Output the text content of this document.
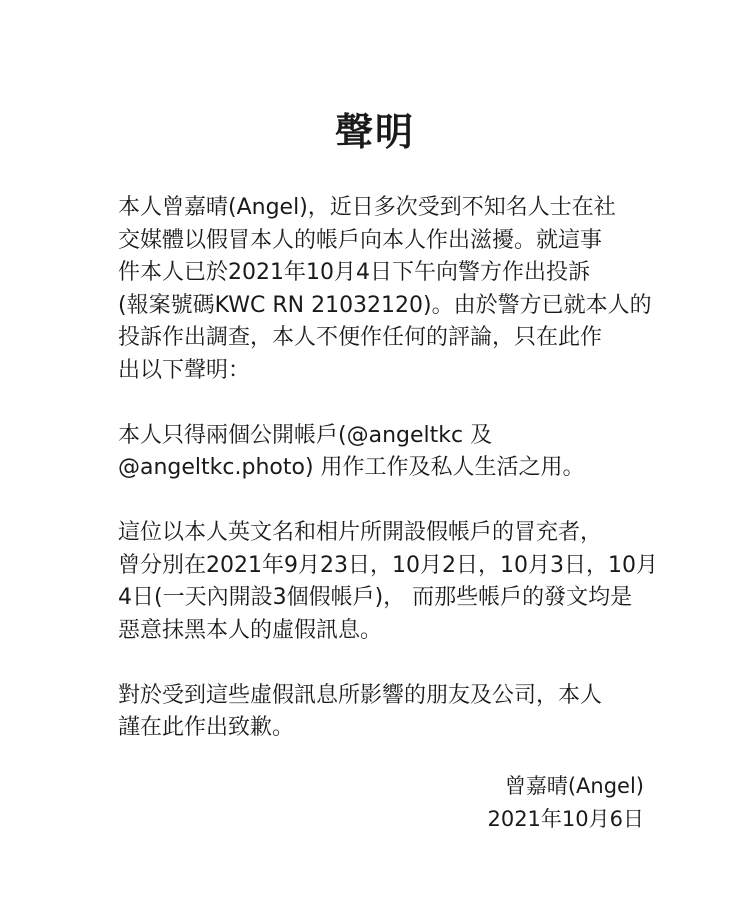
聲明

本人曾嘉晴(Angel)，近日多次受到不知名人士在社
交媒體以假冒本人的帳戶向本人作出滋擾。就這事
件本人已於2021年10月4日下午向警方作出投訴
(報案號碼KWC RN 21032120)。由於警方已就本人的
投訴作出調查，本人不便作任何的評論，只在此作
出以下聲明：

本人只得兩個公開帳戶(@angeltkc 及
@angeltkc.photo) 用作工作及私人生活之用。

這位以本人英文名和相片所開設假帳戶的冒充者，
曾分別在2021年9月23日，10月2日，10月3日，10月
4日(一天內開設3個假帳戶)， 而那些帳戶的發文均是
惡意抹黑本人的虛假訊息。

對於受到這些虛假訊息所影響的朋友及公司，本人
謹在此作出致歉。

曾嘉晴(Angel)
2021年10月6日
